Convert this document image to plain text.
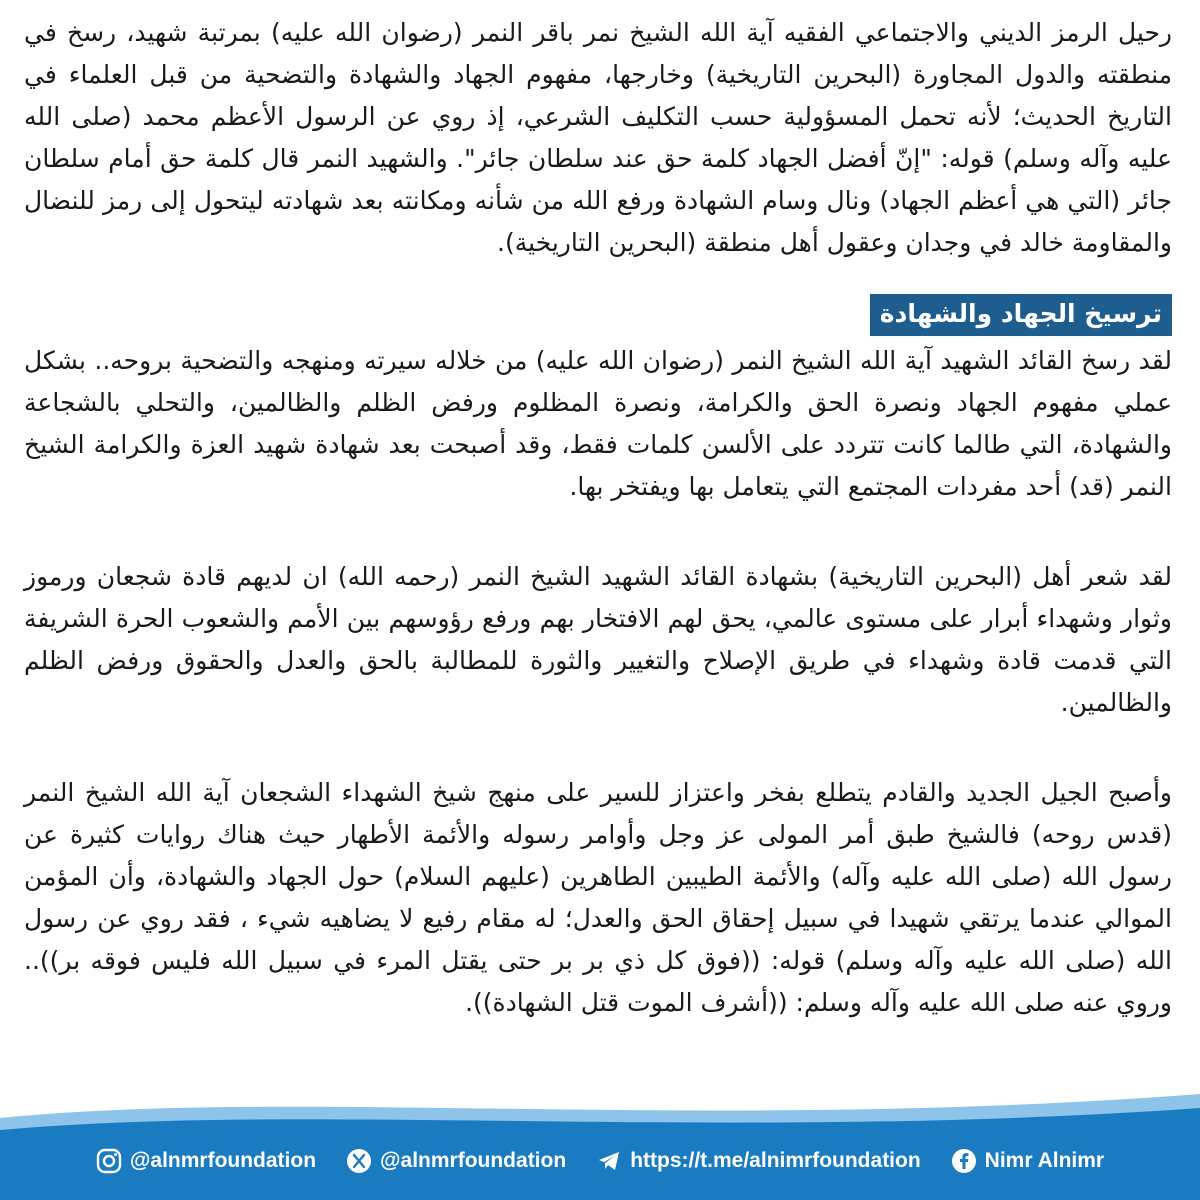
رحيل الرمز الديني والاجتماعي الفقيه آية الله الشيخ نمر باقر النمر (رضوان الله عليه) بمرتبة شهيد، رسخ في منطقته والدول المجاورة (البحرين التاريخية) وخارجها، مفهوم الجهاد والشهادة والتضحية من قبل العلماء في التاريخ الحديث؛ لأنه تحمل المسؤولية حسب التكليف الشرعي، إذ روي عن الرسول الأعظم محمد (صلى الله عليه وآله وسلم) قوله: "إنّ أفضل الجهاد كلمة حق عند سلطان جائر". والشهيد النمر قال كلمة حق أمام سلطان جائر (التي هي أعظم الجهاد) ونال وسام الشهادة ورفع الله من شأنه ومكانته بعد شهادته ليتحول إلى رمز للنضال والمقاومة خالد في وجدان وعقول أهل منطقة (البحرين التاريخية).

ترسيخ الجهاد والشهادة

لقد رسخ القائد الشهيد آية الله الشيخ النمر (رضوان الله عليه) من خلاله سيرته ومنهجه والتضحية بروحه.. بشكل عملي مفهوم الجهاد ونصرة الحق والكرامة، ونصرة المظلوم ورفض الظلم والظالمين، والتحلي بالشجاعة والشهادة، التي طالما كانت تتردد على الألسن كلمات فقط، وقد أصبحت بعد شهادة شهيد العزة والكرامة الشيخ النمر (قد) أحد مفردات المجتمع التي يتعامل بها ويفتخر بها.

لقد شعر أهل (البحرين التاريخية) بشهادة القائد الشهيد الشيخ النمر (رحمه الله) ان لديهم قادة شجعان ورموز وثوار وشهداء أبرار على مستوى عالمي، يحق لهم الافتخار بهم ورفع رؤوسهم بين الأمم والشعوب الحرة الشريفة التي قدمت قادة وشهداء في طريق الإصلاح والتغيير والثورة للمطالبة بالحق والعدل والحقوق ورفض الظلم والظالمين.

وأصبح الجيل الجديد والقادم يتطلع بفخر واعتزاز للسير على منهج شيخ الشهداء الشجعان آية الله الشيخ النمر (قدس روحه) فالشيخ طبق أمر المولى عز وجل وأوامر رسوله والأئمة الأطهار حيث هناك روايات كثيرة عن رسول الله (صلى الله عليه وآله) والأئمة الطيبين الطاهرين (عليهم السلام) حول الجهاد والشهادة، وأن المؤمن الموالي عندما يرتقي شهيدا في سبيل إحقاق الحق والعدل؛ له مقام رفيع لا يضاهيه شيء ، فقد روي عن رسول الله (صلى الله عليه وآله وسلم) قوله: ((فوق كل ذي بر بر حتى يقتل المرء في سبيل الله فليس فوقه بر)).. وروي عنه صلى الله عليه وآله وسلم: ((أشرف الموت قتل الشهادة)).

@alnmrfoundation	@alnmrfoundation	https://t.me/alnimrfoundation	Nimr Alnimr
